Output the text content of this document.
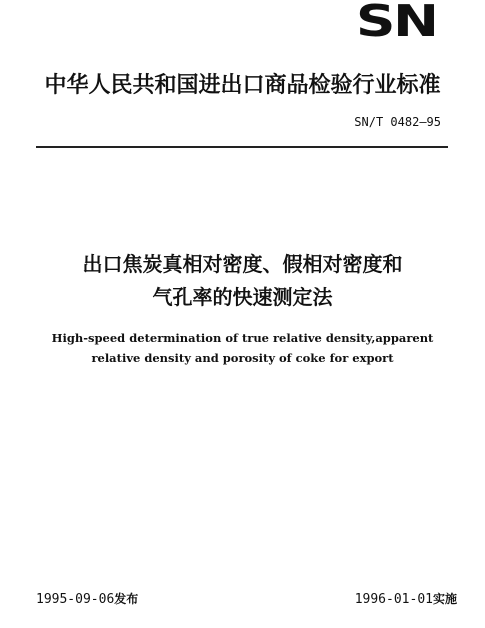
SN
中华人民共和国进出口商品检验行业标准
SN/T 0482—95
出口焦炭真相对密度、假相对密度和
气孔率的快速测定法
High-speed determination of true relative density,apparent
relative density and porosity of coke for export
1995-09-06发布	1996-01-01实施
